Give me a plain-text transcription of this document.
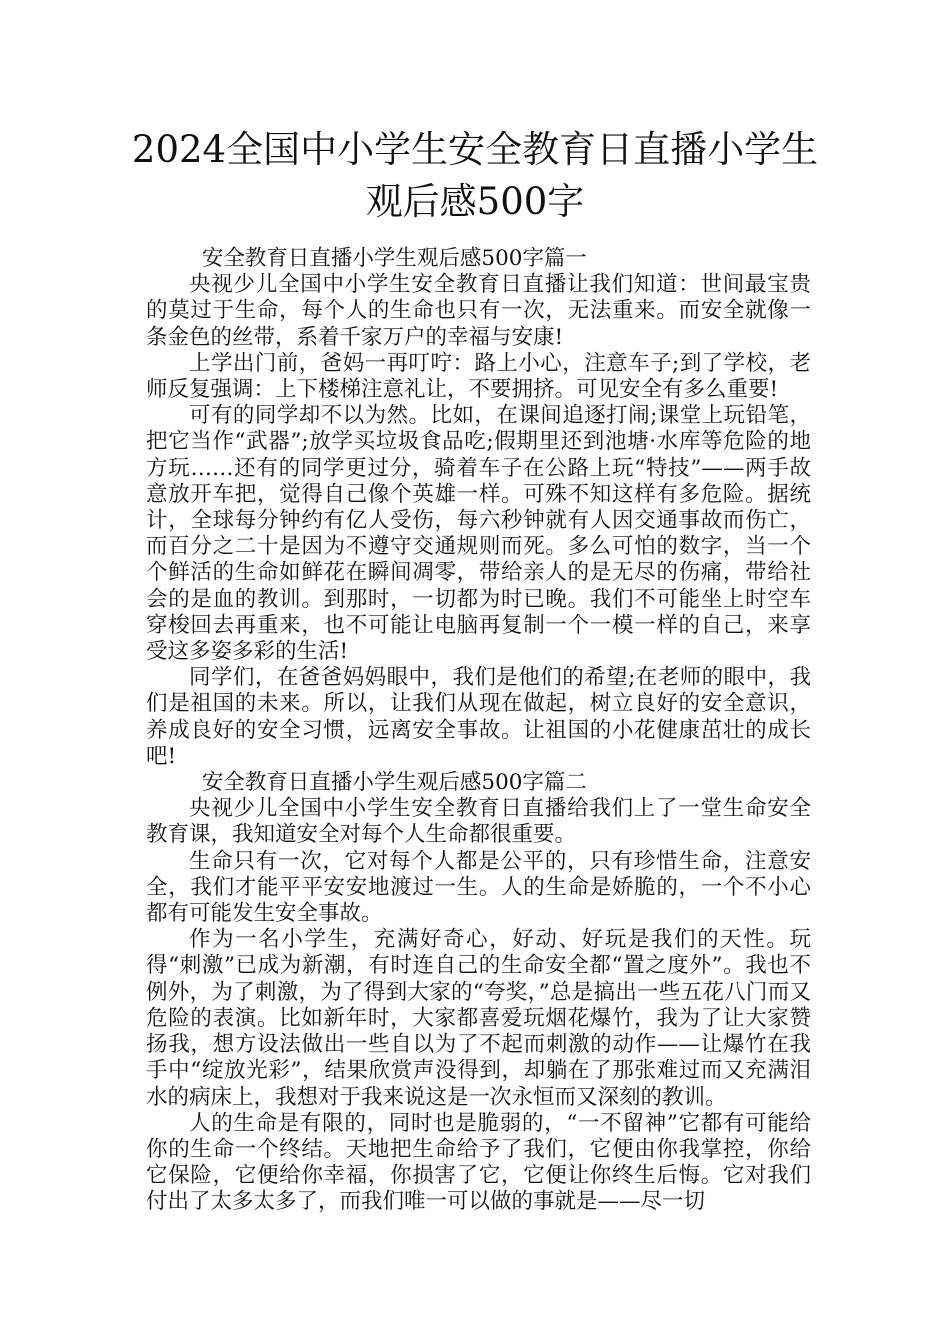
2024全国中小学生安全教育日直播小学生
观后感500字

安全教育日直播小学生观后感500字篇一

央视少儿全国中小学生安全教育日直播让我们知道：世间最宝贵的莫过于生命，每个人的生命也只有一次，无法重来。而安全就像一条金色的丝带，系着千家万户的幸福与安康!

上学出门前，爸妈一再叮咛：路上小心，注意车子;到了学校，老师反复强调：上下楼梯注意礼让，不要拥挤。可见安全有多么重要!

可有的同学却不以为然。比如，在课间追逐打闹;课堂上玩铅笔，把它当作“武器”;放学买垃圾食品吃;假期里还到池塘·水库等危险的地方玩……还有的同学更过分，骑着车子在公路上玩“特技”——两手故意放开车把，觉得自己像个英雄一样。可殊不知这样有多危险。据统计，全球每分钟约有亿人受伤，每六秒钟就有人因交通事故而伤亡，而百分之二十是因为不遵守交通规则而死。多么可怕的数字，当一个个鲜活的生命如鲜花在瞬间凋零，带给亲人的是无尽的伤痛，带给社会的是血的教训。到那时，一切都为时已晚。我们不可能坐上时空车穿梭回去再重来，也不可能让电脑再复制一个一模一样的自己，来享受这多姿多彩的生活!

同学们，在爸爸妈妈眼中，我们是他们的希望;在老师的眼中，我们是祖国的未来。所以，让我们从现在做起，树立良好的安全意识，养成良好的安全习惯，远离安全事故。让祖国的小花健康茁壮的成长吧!

安全教育日直播小学生观后感500字篇二

央视少儿全国中小学生安全教育日直播给我们上了一堂生命安全教育课，我知道安全对每个人生命都很重要。

生命只有一次，它对每个人都是公平的，只有珍惜生命，注意安全，我们才能平平安安地渡过一生。人的生命是娇脆的，一个不小心都有可能发生安全事故。

作为一名小学生，充满好奇心，好动、好玩是我们的天性。玩得“刺激”已成为新潮，有时连自己的生命安全都“置之度外”。我也不例外，为了刺激，为了得到大家的“夸奖，”总是搞出一些五花八门而又危险的表演。比如新年时，大家都喜爱玩烟花爆竹，我为了让大家赞扬我，想方设法做出一些自以为了不起而刺激的动作——让爆竹在我手中“绽放光彩”，结果欣赏声没得到，却躺在了那张难过而又充满泪水的病床上，我想对于我来说这是一次永恒而又深刻的教训。

人的生命是有限的，同时也是脆弱的，“一不留神”它都有可能给你的生命一个终结。天地把生命给予了我们，它便由你我掌控，你给它保险，它便给你幸福，你损害了它，它便让你终生后悔。它对我们付出了太多太多了，而我们唯一可以做的事就是——尽一切
